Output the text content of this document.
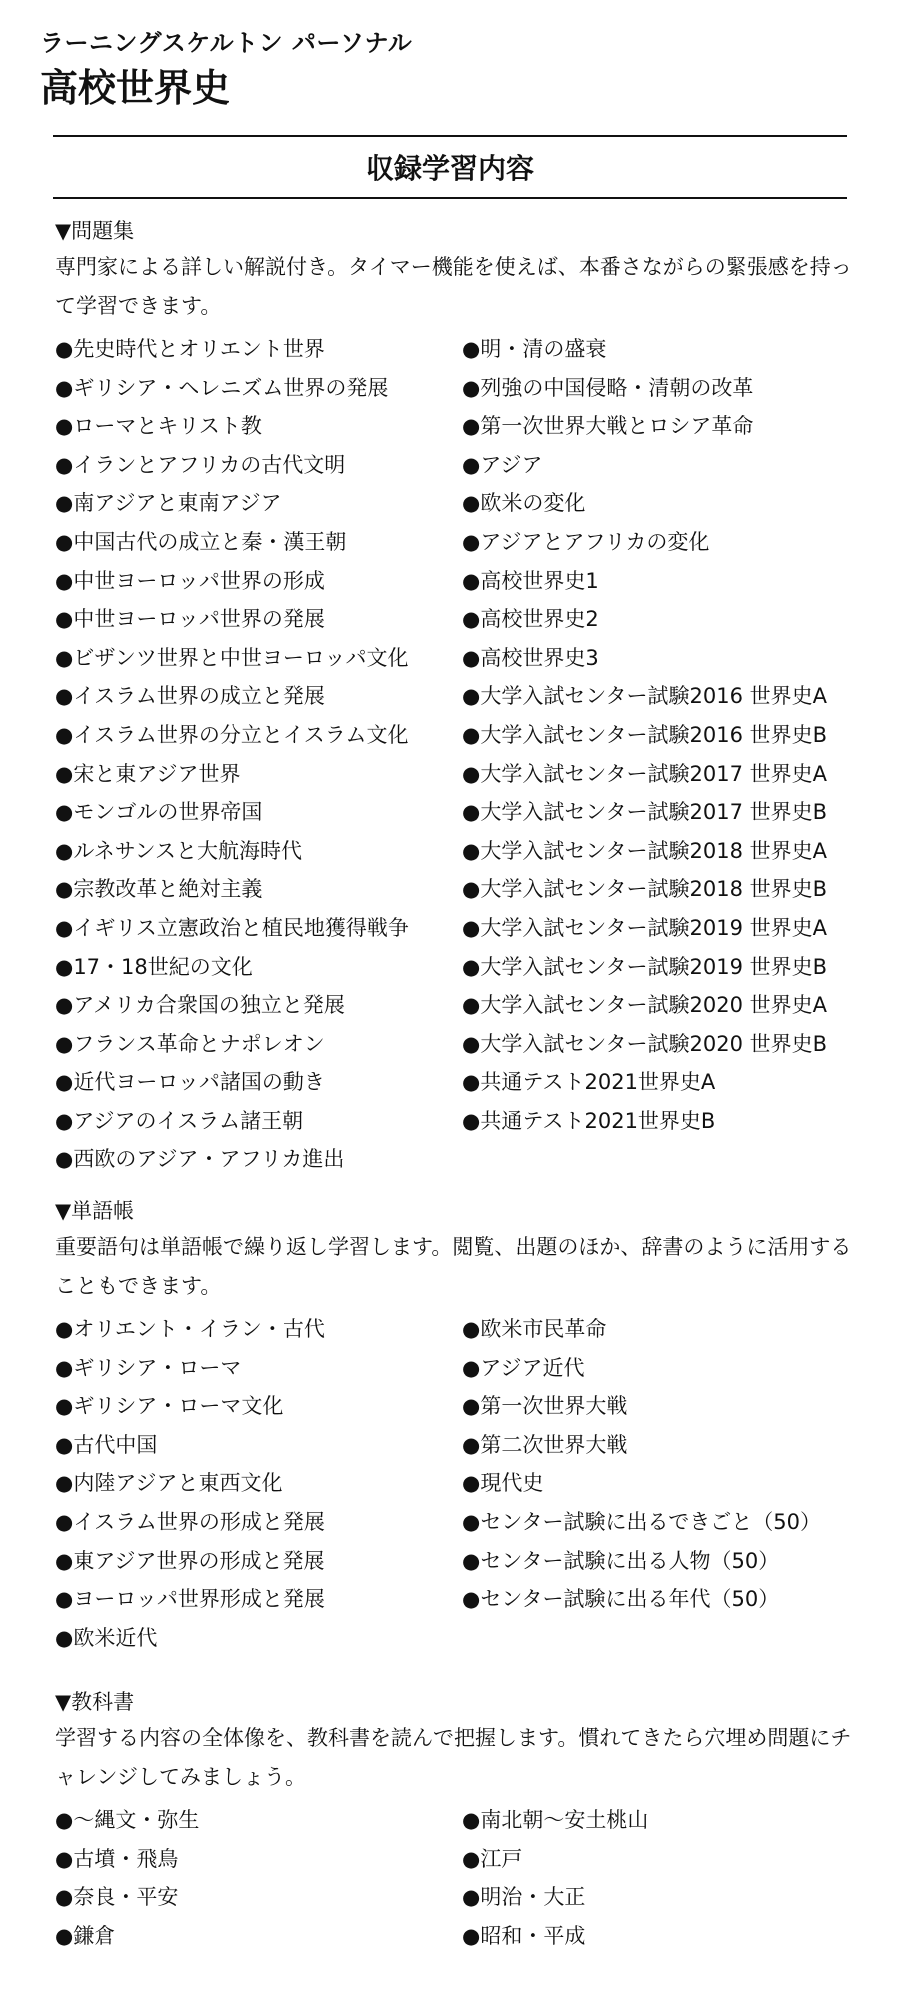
ラーニングスケルトン パーソナル
高校世界史
収録学習内容
▼問題集
専門家による詳しい解説付き。タイマー機能を使えば、本番さながらの緊張感を持って学習できます。
●先史時代とオリエント世界
●ギリシア・ヘレニズム世界の発展
●ローマとキリスト教
●イランとアフリカの古代文明
●南アジアと東南アジア
●中国古代の成立と秦・漢王朝
●中世ヨーロッパ世界の形成
●中世ヨーロッパ世界の発展
●ビザンツ世界と中世ヨーロッパ文化
●イスラム世界の成立と発展
●イスラム世界の分立とイスラム文化
●宋と東アジア世界
●モンゴルの世界帝国
●ルネサンスと大航海時代
●宗教改革と絶対主義
●イギリス立憲政治と植民地獲得戦争
●17・18世紀の文化
●アメリカ合衆国の独立と発展
●フランス革命とナポレオン
●近代ヨーロッパ諸国の動き
●アジアのイスラム諸王朝
●西欧のアジア・アフリカ進出
●明・清の盛衰
●列強の中国侵略・清朝の改革
●第一次世界大戦とロシア革命
●アジア
●欧米の変化
●アジアとアフリカの変化
●高校世界史1
●高校世界史2
●高校世界史3
●大学入試センター試験2016 世界史A
●大学入試センター試験2016 世界史B
●大学入試センター試験2017 世界史A
●大学入試センター試験2017 世界史B
●大学入試センター試験2018 世界史A
●大学入試センター試験2018 世界史B
●大学入試センター試験2019 世界史A
●大学入試センター試験2019 世界史B
●大学入試センター試験2020 世界史A
●大学入試センター試験2020 世界史B
●共通テスト2021世界史A
●共通テスト2021世界史B
▼単語帳
重要語句は単語帳で繰り返し学習します。閲覧、出題のほか、辞書のように活用することもできます。
●オリエント・イラン・古代
●ギリシア・ローマ
●ギリシア・ローマ文化
●古代中国
●内陸アジアと東西文化
●イスラム世界の形成と発展
●東アジア世界の形成と発展
●ヨーロッパ世界形成と発展
●欧米近代
●欧米市民革命
●アジア近代
●第一次世界大戦
●第二次世界大戦
●現代史
●センター試験に出るできごと（50）
●センター試験に出る人物（50）
●センター試験に出る年代（50）
▼教科書
学習する内容の全体像を、教科書を読んで把握します。慣れてきたら穴埋め問題にチャレンジしてみましょう。
●～縄文・弥生
●古墳・飛鳥
●奈良・平安
●鎌倉
●南北朝～安土桃山
●江戸
●明治・大正
●昭和・平成
